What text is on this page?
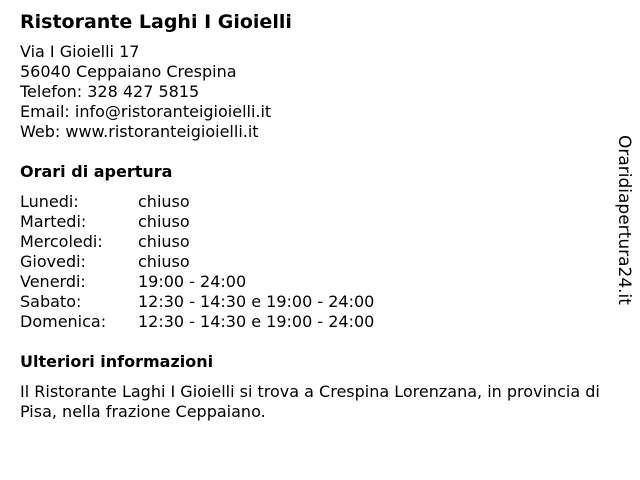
Ristorante Laghi I Gioielli
Via I Gioielli 17
56040 Ceppaiano Crespina
Telefon: 328 427 5815
Email: info@ristoranteigioielli.it
Web: www.ristoranteigioielli.it
Orari di apertura
Lunedi:	chiuso
Martedi:	chiuso
Mercoledi:	chiuso
Giovedi:	chiuso
Venerdi:	19:00 - 24:00
Sabato:	12:30 - 14:30 e 19:00 - 24:00
Domenica:	12:30 - 14:30 e 19:00 - 24:00
Ulteriori informazioni
Il Ristorante Laghi I Gioielli si trova a Crespina Lorenzana, in provincia di Pisa, nella frazione Ceppaiano.
Oraridiapertura24.it
